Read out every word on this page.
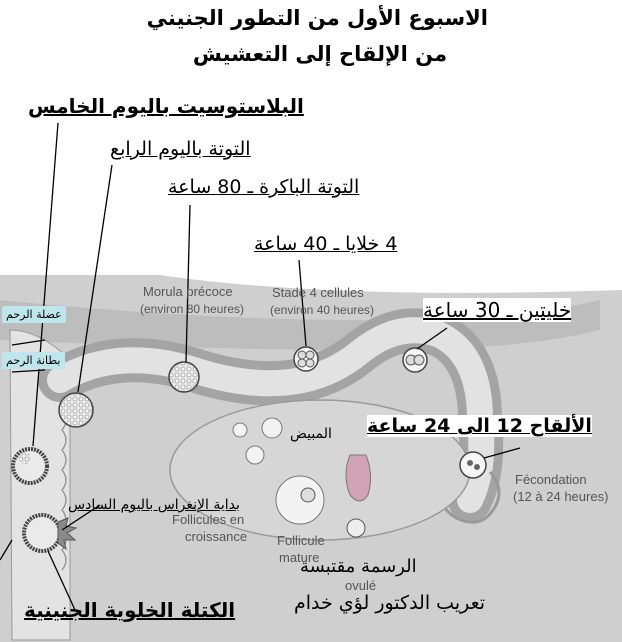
الاسبوع الأول من التطور الجنيني
من الإلقاح إلى التعشيش
البلاستوسيت باليوم الخامس
التوتة باليوم الرابع
التوتة الباكرة ـ 80 ساعة
4 خلايا ـ 40 ساعة
خليتين ـ 30 ساعة
الألقاح 12 الى 24 ساعة
المبيض
بداية الإنغراس باليوم السادس
الكتلة الخلوية الجنينية
عضلة الرحم
بطانة الرحم
Morula précoce
(environ 80 heures)
Stade 4 cellules
(environ 40 heures)
Fécondation
(12 à 24 heures)
Follicules en
croissance Follicule
mature
ovulé
الرسمة مقتبسة
تعريب الدكتور لؤي خدام
